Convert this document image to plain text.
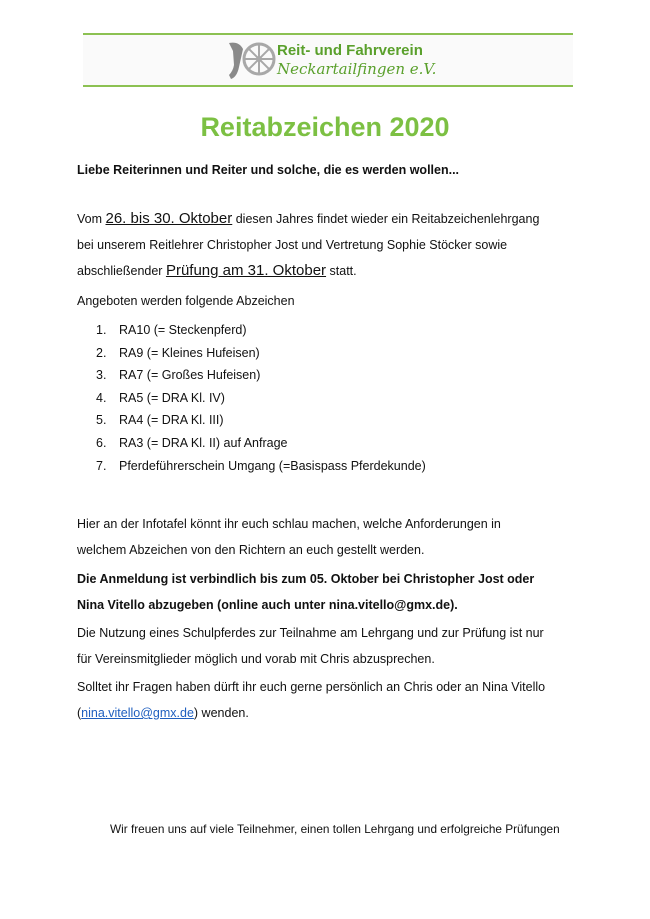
Reit- und Fahrverein
Neckartailfingen e.V.
Reitabzeichen 2020
Liebe Reiterinnen und Reiter und solche, die es werden wollen...
Vom 26. bis 30. Oktober diesen Jahres findet wieder ein Reitabzeichenlehrgang
bei unserem Reitlehrer Christopher Jost und Vertretung Sophie Stöcker sowie
abschließender Prüfung am 31. Oktober statt.
Angeboten werden folgende Abzeichen
1. RA10 (= Steckenpferd)
2. RA9 (= Kleines Hufeisen)
3. RA7 (= Großes Hufeisen)
4. RA5 (= DRA Kl. IV)
5. RA4 (= DRA Kl. III)
6. RA3 (= DRA Kl. II) auf Anfrage
7. Pferdeführerschein Umgang (=Basispass Pferdekunde)
Hier an der Infotafel könnt ihr euch schlau machen, welche Anforderungen in
welchem Abzeichen von den Richtern an euch gestellt werden.
Die Anmeldung ist verbindlich bis zum 05. Oktober bei Christopher Jost oder
Nina Vitello abzugeben (online auch unter nina.vitello@gmx.de).
Die Nutzung eines Schulpferdes zur Teilnahme am Lehrgang und zur Prüfung ist nur
für Vereinsmitglieder möglich und vorab mit Chris abzusprechen.
Solltet ihr Fragen haben dürft ihr euch gerne persönlich an Chris oder an Nina Vitello
(nina.vitello@gmx.de) wenden.
Wir freuen uns auf viele Teilnehmer, einen tollen Lehrgang und erfolgreiche Prüfungen
